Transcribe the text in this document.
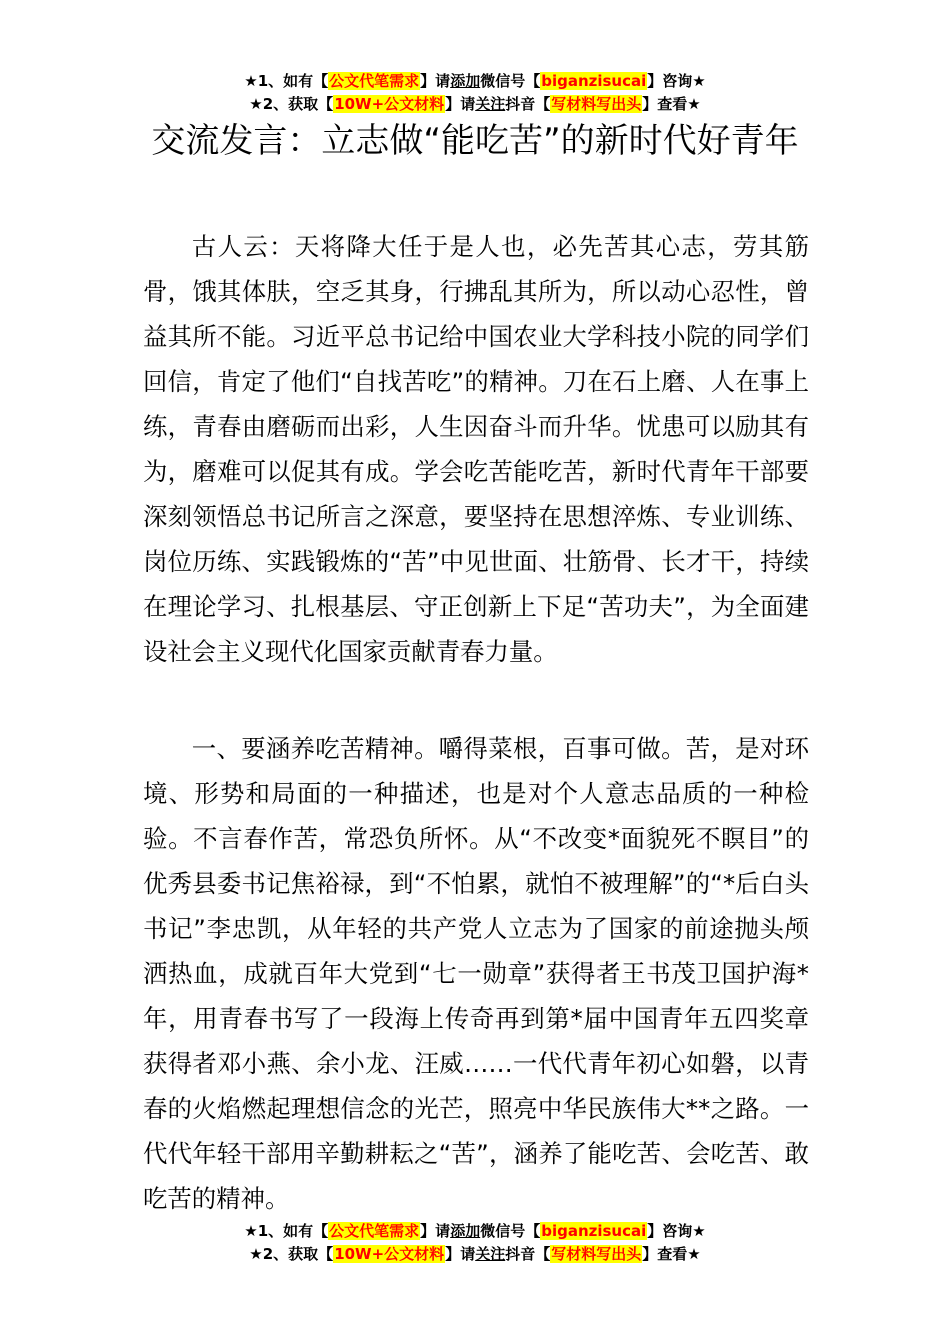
★1、如有【公文代笔需求】请添加微信号【biganzisucai】咨询★
★2、获取【10W+公文材料】请关注抖音【写材料写出头】查看★
交流发言：立志做“能吃苦”的新时代好青年

古人云：天将降大任于是人也，必先苦其心志，劳其筋骨，饿其体肤，空乏其身，行拂乱其所为，所以动心忍性，曾益其所不能。习近平总书记给中国农业大学科技小院的同学们回信，肯定了他们“自找苦吃”的精神。刀在石上磨、人在事上练，青春由磨砺而出彩，人生因奋斗而升华。忧患可以励其有为，磨难可以促其有成。学会吃苦能吃苦，新时代青年干部要深刻领悟总书记所言之深意，要坚持在思想淬炼、专业训练、岗位历练、实践锻炼的“苦”中见世面、壮筋骨、长才干，持续在理论学习、扎根基层、守正创新上下足“苦功夫”，为全面建设社会主义现代化国家贡献青春力量。

一、要涵养吃苦精神。嚼得菜根，百事可做。苦，是对环境、形势和局面的一种描述，也是对个人意志品质的一种检验。不言春作苦，常恐负所怀。从“不改变*面貌死不瞑目”的优秀县委书记焦裕禄，到“不怕累，就怕不被理解”的“*后白头书记”李忠凯，从年轻的共产党人立志为了国家的前途抛头颅洒热血，成就百年大党到“七一勋章”获得者王书茂卫国护海*年，用青春书写了一段海上传奇再到第*届中国青年五四奖章获得者邓小燕、余小龙、汪威……一代代青年初心如磐，以青春的火焰燃起理想信念的光芒，照亮中华民族伟大**之路。一代代年轻干部用辛勤耕耘之“苦”，涵养了能吃苦、会吃苦、敢吃苦的精神。

★1、如有【公文代笔需求】请添加微信号【biganzisucai】咨询★
★2、获取【10W+公文材料】请关注抖音【写材料写出头】查看★
